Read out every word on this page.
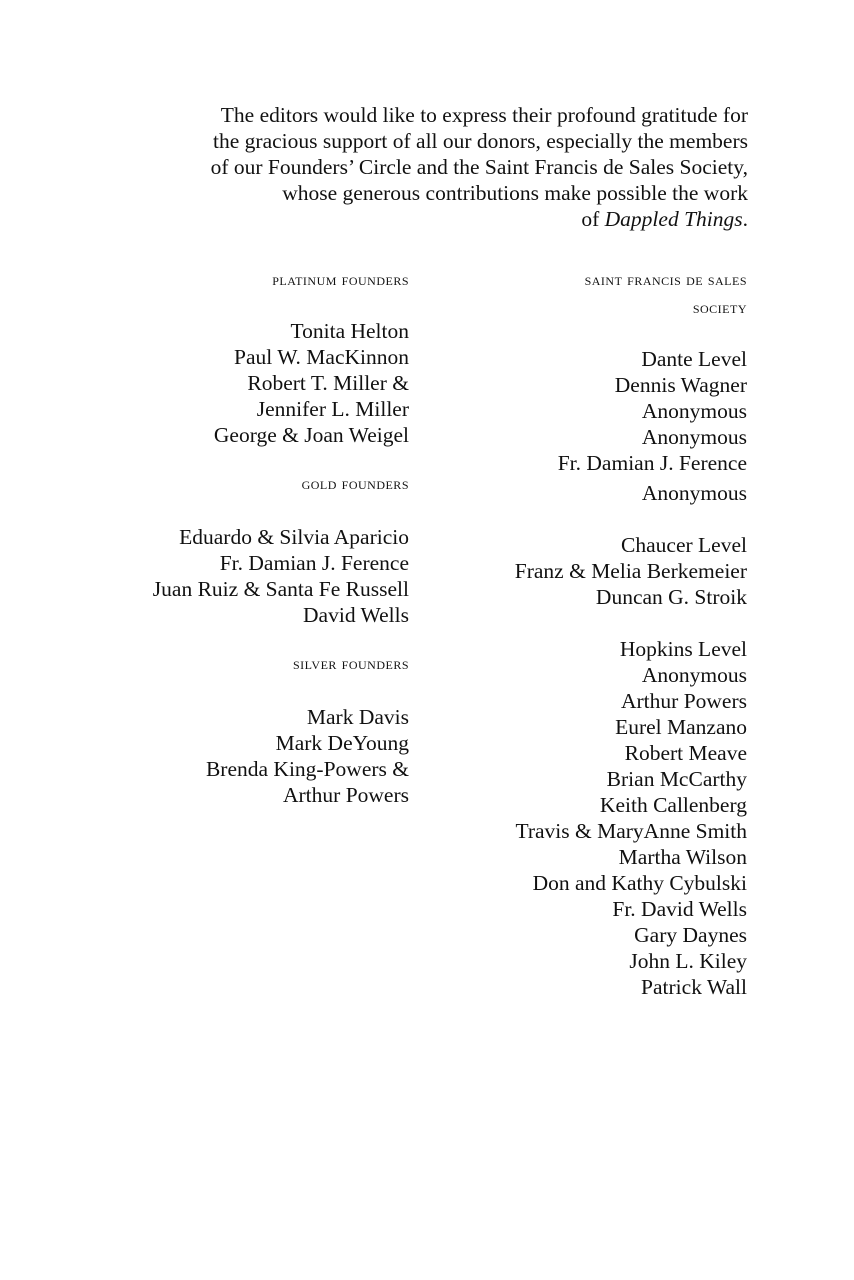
The editors would like to express their profound gratitude for
the gracious support of all our donors, especially the members
of our Founders’ Circle and the Saint Francis de Sales Society,
whose generous contributions make possible the work
of Dappled Things.
platinum founders
Tonita Helton
Paul W. MacKinnon
Robert T. Miller &
Jennifer L. Miller
George & Joan Weigel
gold founders
Eduardo & Silvia Aparicio
Fr. Damian J. Ference
Juan Ruiz & Santa Fe Russell
David Wells
silver founders
Mark Davis
Mark DeYoung
Brenda King-Powers &
Arthur Powers
saint francis de sales
society
Dante Level
Dennis Wagner
Anonymous
Anonymous
Fr. Damian J. Ference
Anonymous
Chaucer Level
Franz & Melia Berkemeier
Duncan G. Stroik
Hopkins Level
Anonymous
Arthur Powers
Eurel Manzano
Robert Meave
Brian McCarthy
Keith Callenberg
Travis & MaryAnne Smith
Martha Wilson
Don and Kathy Cybulski
Fr. David Wells
Gary Daynes
John L. Kiley
Patrick Wall
